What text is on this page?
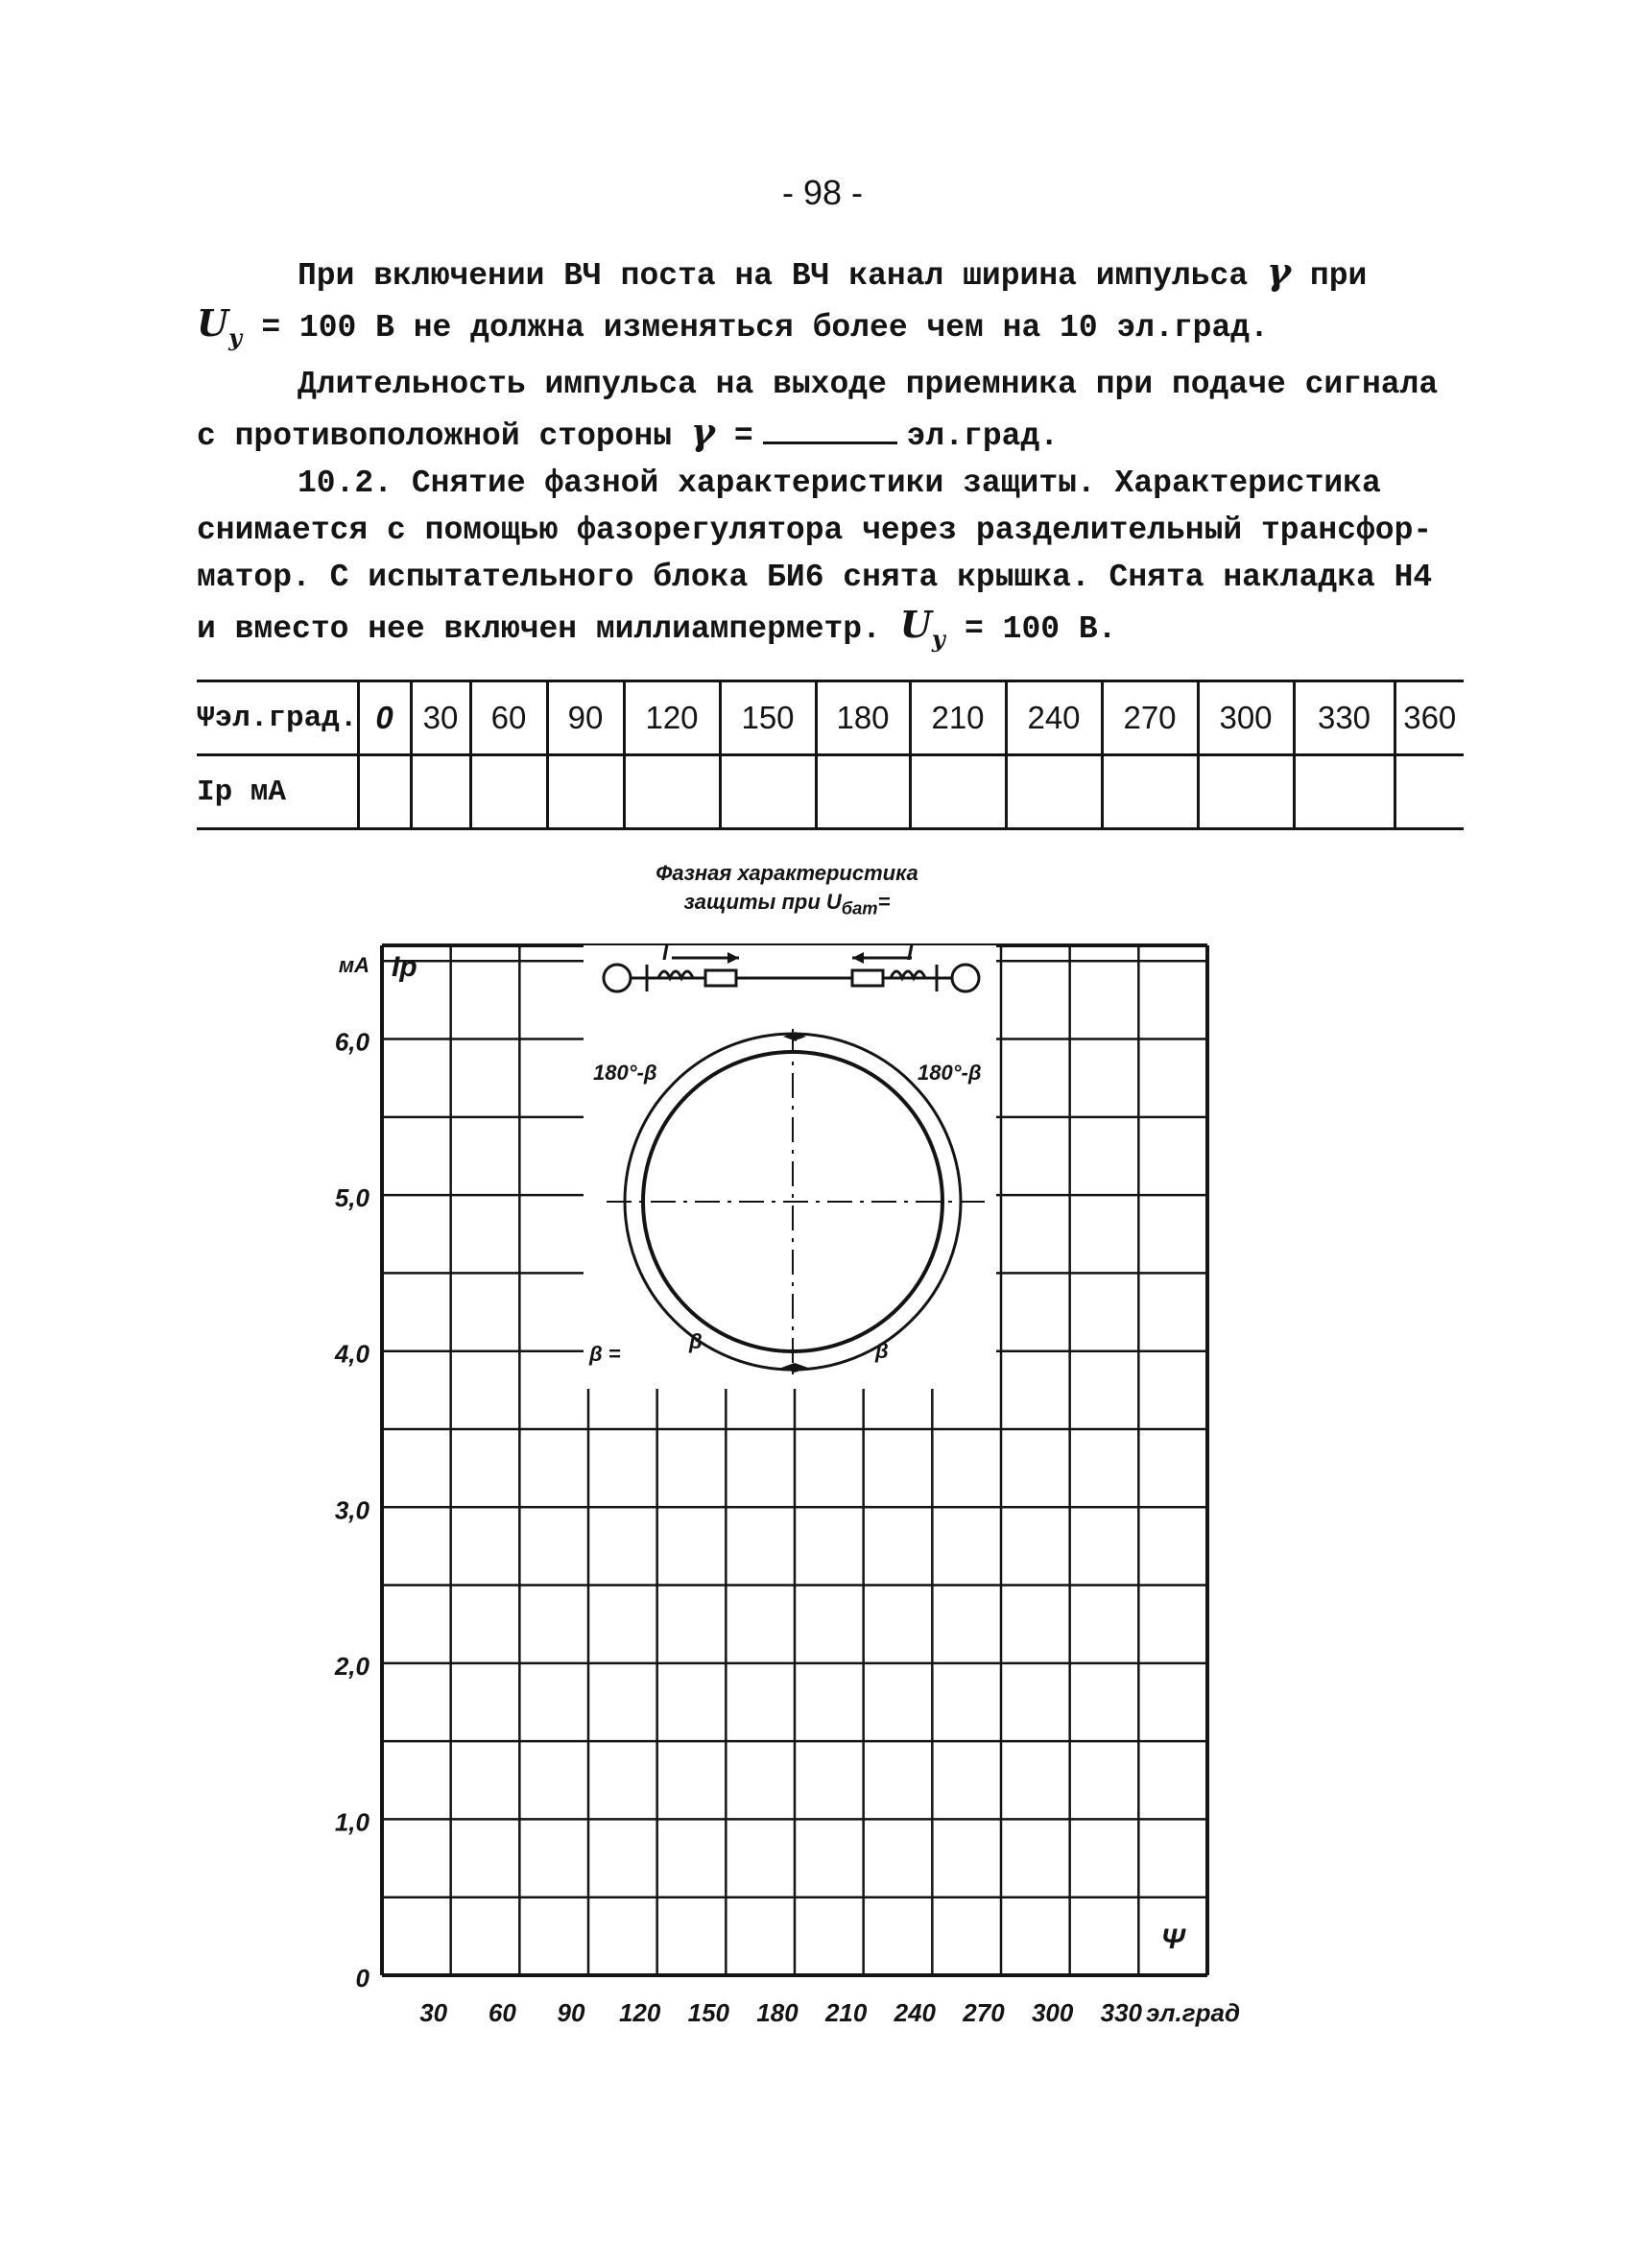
- 98 -

При включении ВЧ поста на ВЧ канал ширина импульса γ при

$U_у = 100$ В не должна изменяться более чем на 10 эл.град.

Длительность импульса на выходе приемника при подаче сигнала

с противоположной стороны γ =	эл.град.

10.2. Снятие фазной характеристики защиты. Характеристика

снимается с помощью фазорегулятора через разделительный трансфор-

матор. С испытательного блока БИ6 снята крышка. Снята накладка Н4

и вместо нее включен миллиамперметр. $U_у = 100$ В.

Ψэл.град.	0	30	60	90	120	150	180	210	240	270	300	330	360
Iр мА													
Фазная характеристика
защиты при $U_{бат}=$
0
1,0
2,0
3,0
4,0
5,0
6,0
мА Iр
30 60 90 120 150 180 210 240 270 300 330 эл.град
Ψ
I	I
180°-β	180°-β
β =
β	β
